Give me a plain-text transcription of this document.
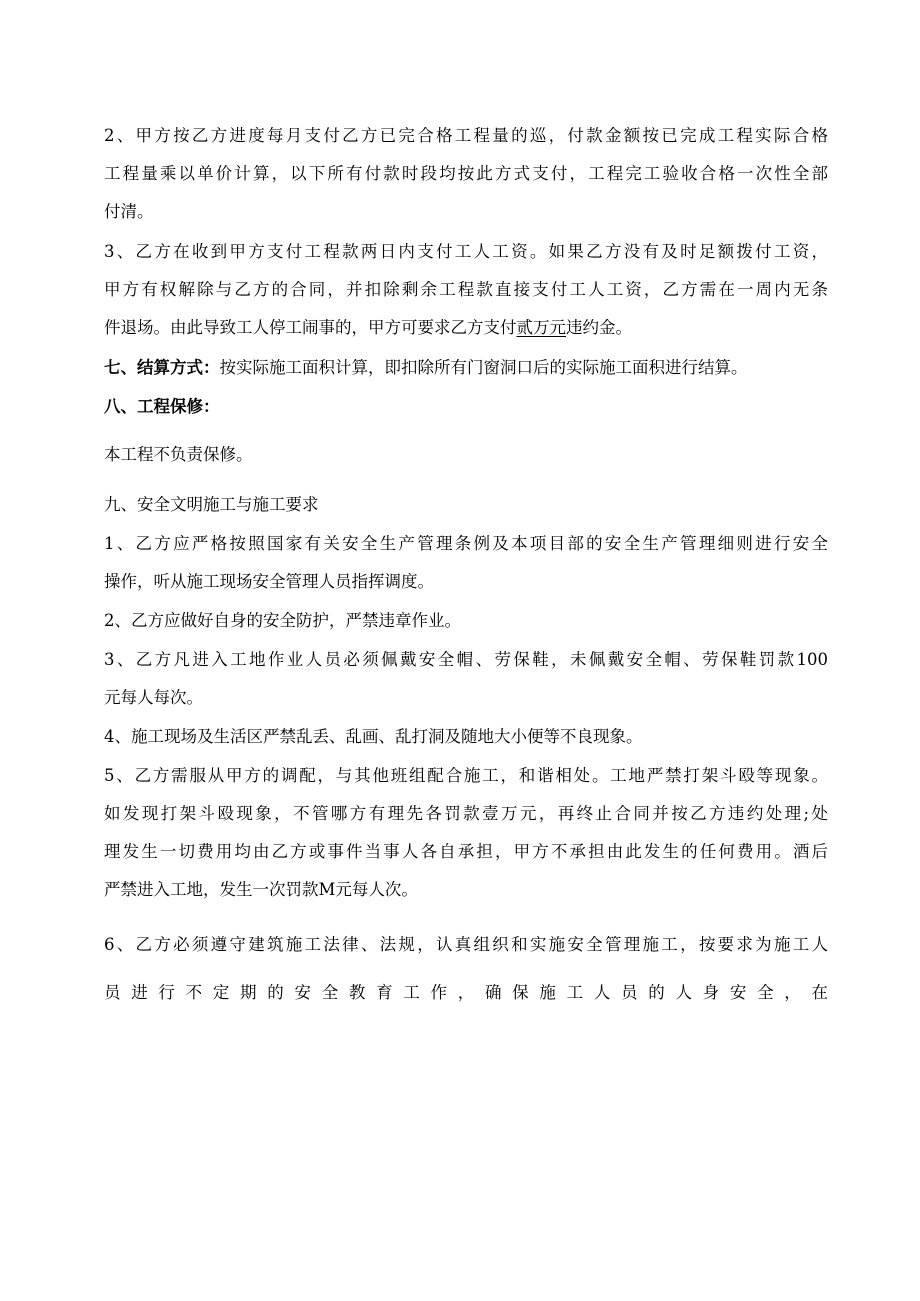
2、甲方按乙方进度每月支付乙方已完合格工程量的巡，付款金额按已完成工程实际合格
工程量乘以单价计算，以下所有付款时段均按此方式支付，工程完工验收合格一次性全部
付清。
3、乙方在收到甲方支付工程款两日内支付工人工资。如果乙方没有及时足额拨付工资，
甲方有权解除与乙方的合同，并扣除剩余工程款直接支付工人工资，乙方需在一周内无条
件退场。由此导致工人停工闹事的，甲方可要求乙方支付贰万元违约金。
七、结算方式：按实际施工面积计算，即扣除所有门窗洞口后的实际施工面积进行结算。
八、工程保修：
本工程不负责保修。
九、安全文明施工与施工要求
1、乙方应严格按照国家有关安全生产管理条例及本项目部的安全生产管理细则进行安全
操作，听从施工现场安全管理人员指挥调度。
2、乙方应做好自身的安全防护，严禁违章作业。
3、乙方凡进入工地作业人员必须佩戴安全帽、劳保鞋，未佩戴安全帽、劳保鞋罚款100
元每人每次。
4、施工现场及生活区严禁乱丢、乱画、乱打洞及随地大小便等不良现象。
5、乙方需服从甲方的调配，与其他班组配合施工，和谐相处。工地严禁打架斗殴等现象。
如发现打架斗殴现象，不管哪方有理先各罚款壹万元，再终止合同并按乙方违约处理;处
理发生一切费用均由乙方或事件当事人各自承担，甲方不承担由此发生的任何费用。酒后
严禁进入工地，发生一次罚款M元每人次。
6、乙方必须遵守建筑施工法律、法规，认真组织和实施安全管理施工，按要求为施工人
员进行不定期的安全教育工作，确保施工人员的人身安全，在
